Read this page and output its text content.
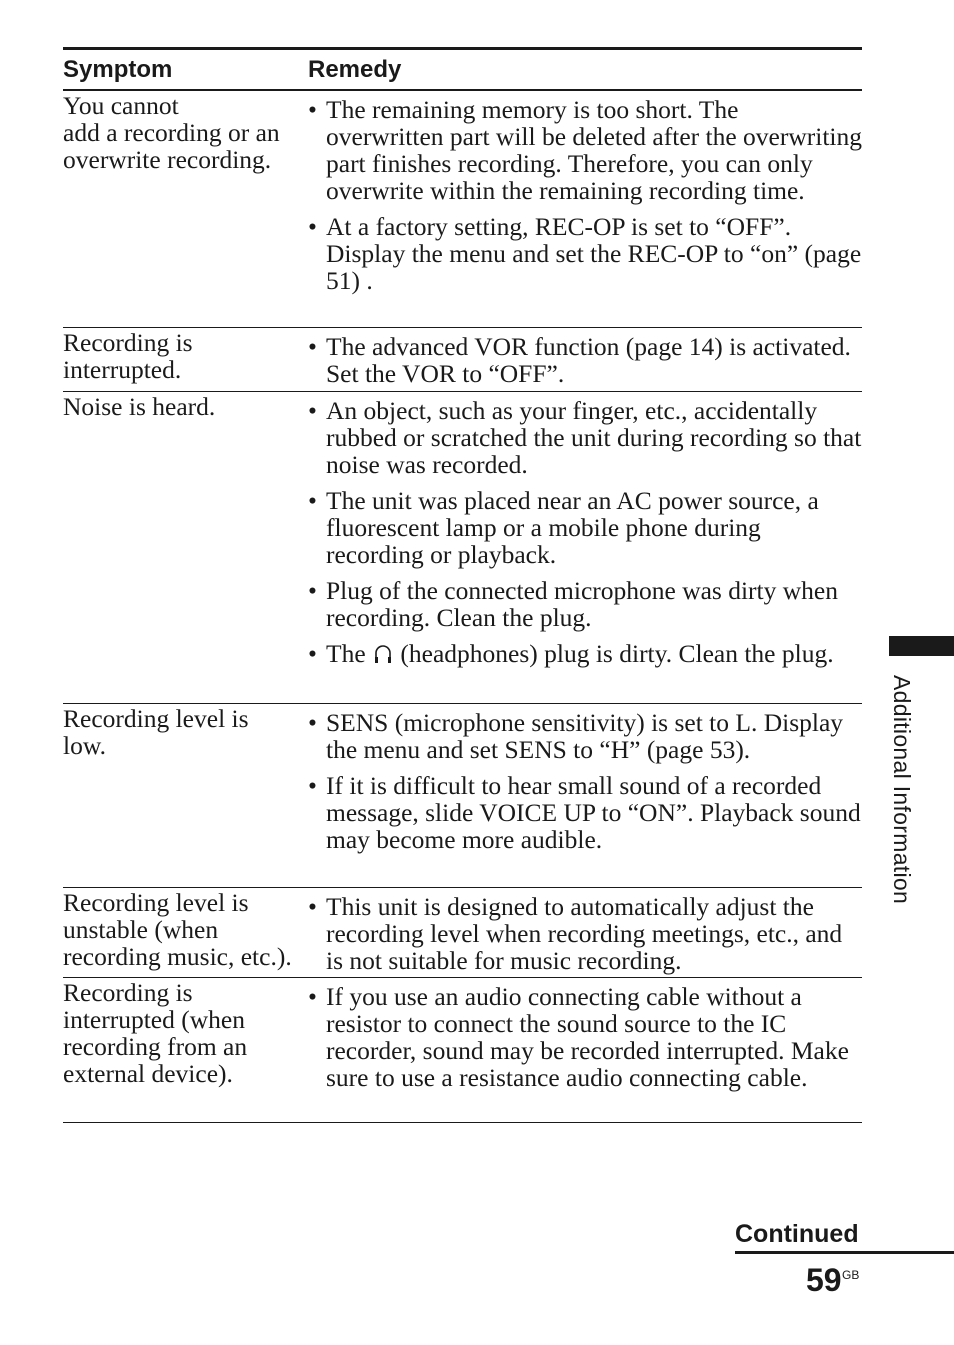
Symptom	Remedy
You cannot
add a recording or an
overwrite recording.
• The remaining memory is too short. The overwritten part will be deleted after the overwriting part finishes recording. Therefore, you can only overwrite within the remaining recording time.
• At a factory setting, REC-OP is set to “OFF”. Display the menu and set the REC-OP to “on” (page 51) .
Recording is
interrupted.
• The advanced VOR function (page 14) is activated. Set the VOR to “OFF”.
Noise is heard.	• An object, such as your finger, etc., accidentally rubbed or scratched the unit during recording so that noise was recorded.
• The unit was placed near an AC power source, a fluorescent lamp or a mobile phone during recording or playback.
• Plug of the connected microphone was dirty when recording. Clean the plug.
• The (headphones) plug is dirty. Clean the plug.
Recording level is
low.
• SENS (microphone sensitivity) is set to L. Display the menu and set SENS to “H” (page 53).
• If it is difficult to hear small sound of a recorded message, slide VOICE UP to “ON”. Playback sound may become more audible.
Recording level is
unstable (when
recording music, etc.).
• This unit is designed to automatically adjust the recording level when recording meetings, etc., and is not suitable for music recording.
Recording is
interrupted (when
recording from an
external device).
• If you use an audio connecting cable without a resistor to connect the sound source to the IC recorder, sound may be recorded interrupted. Make sure to use a resistance audio connecting cable.
Additional Information
Continued
59 GB
